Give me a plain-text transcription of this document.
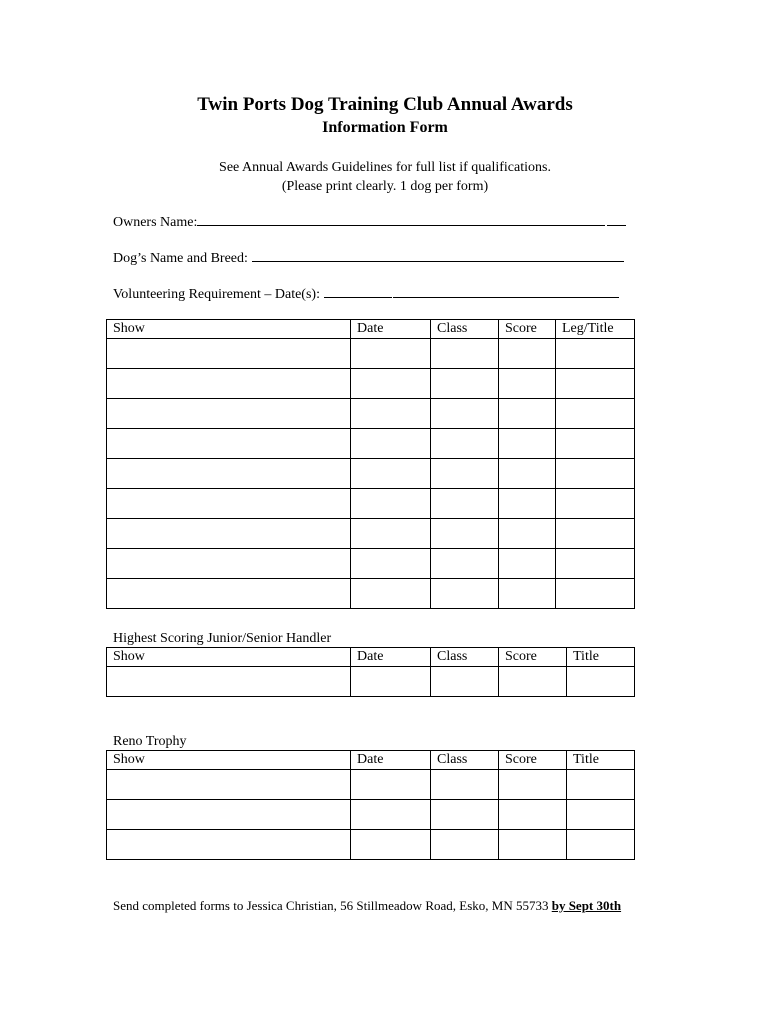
Twin Ports Dog Training Club Annual Awards
Information Form
See Annual Awards Guidelines for full list if qualifications.
(Please print clearly. 1 dog per form)
Owners Name:
Dog’s Name and Breed:
Volunteering Requirement – Date(s):
Show	Date	Class	Score	Leg/Title

Highest Scoring Junior/Senior Handler
Show	Date	Class	Score	Title

Reno Trophy
Show	Date	Class	Score	Title

Send completed forms to Jessica Christian, 56 Stillmeadow Road, Esko, MN 55733 by Sept 30th
